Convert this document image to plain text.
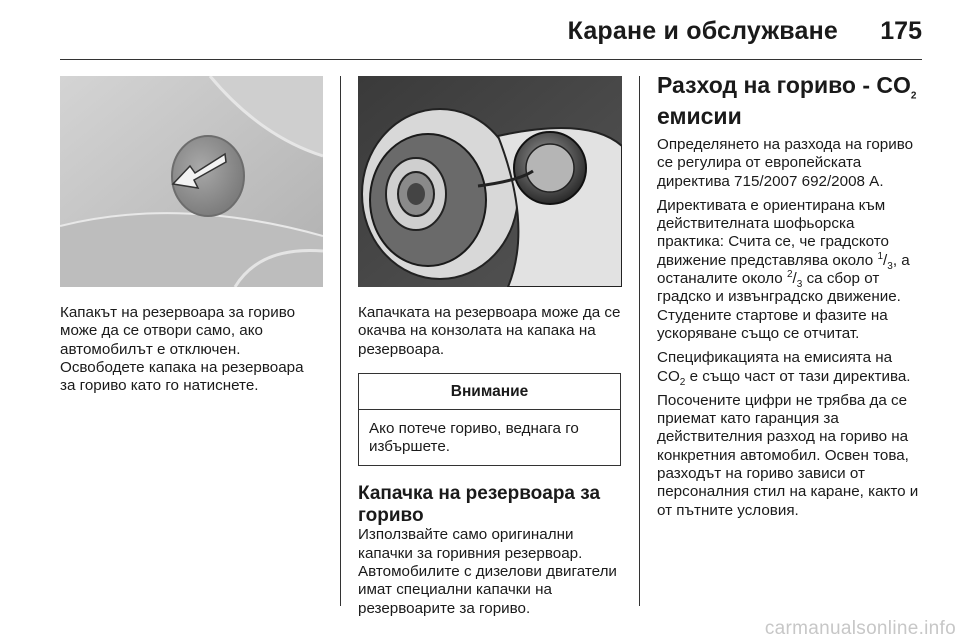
Каране и обслужване 175
Капакът на резервоара за гориво може да се отвори само, ако автомобилът е отключен. Освободете капака на резервоара за гориво като го натиснете.
Капачката на резервоара може да се окачва на конзолата на капака на резервоара.
Внимание
Ако потече гориво, веднага го избършете.
Капачка на резервоара за гориво
Използвайте само оригинални капачки за горивния резервоар. Автомобилите с дизелови двигатели имат специални капачки на резервоарите за гориво.
Разход на гориво - $CO_2$
емисии
Определянето на разхода на гориво се регулира от европейската директива 715/2007 692/2008 A.
Директивата е ориентирана към действителната шофьорска практика: Счита се, че градското движение представлява около $^1/_3$, а останалите около $^2/_3$ са сбор от градско и извънградско движение. Студените стартове и фазите на ускоряване също се отчитат.
Спецификацията на емисията на $CO_2$ е също част от тази директива.
Посочените цифри не трябва да се приемат като гаранция за действителния разход на гориво на конкретния автомобил. Освен това, разходът на гориво зависи от персоналния стил на каране, както и от пътните условия.
carmanualsonline.info
